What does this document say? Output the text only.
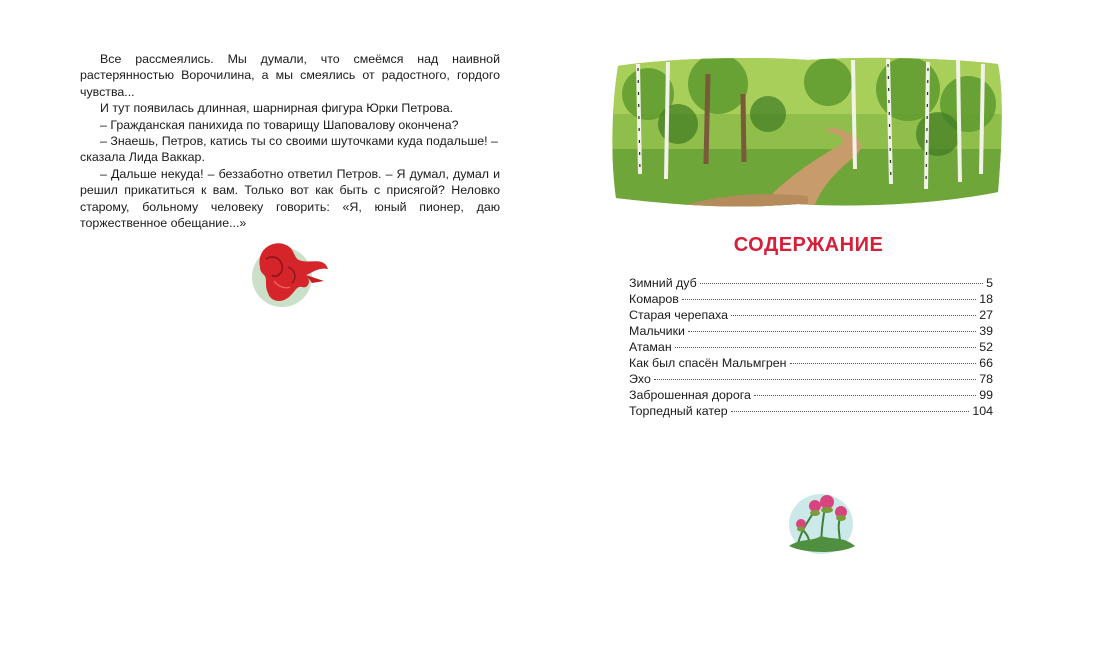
Все рассмеялись. Мы думали, что смеёмся над наивной растерянностью Ворочилина, а мы смеялись от радостного, гордого чувства...

И тут появилась длинная, шарнирная фигура Юрки Петрова.

– Гражданская панихида по товарищу Шаповалову окончена?

– Знаешь, Петров, катись ты со своими шуточками куда подальше! –

сказала Лида Ваккар.

– Дальше некуда! – беззаботно ответил Петров. – Я думал, думал и решил прикатиться к вам. Только вот как быть с присягой? Неловко старому, больному человеку говорить: «Я, юный пионер, даю торжественное обещание...»

СОДЕРЖАНИЕ
Зимний дуб	5
Комаров	18
Старая черепаха	27
Мальчики	39
Атаман	52
Как был спасён Мальмгрен	66
Эхо	78
Заброшенная дорога	99
Торпедный катер	104
